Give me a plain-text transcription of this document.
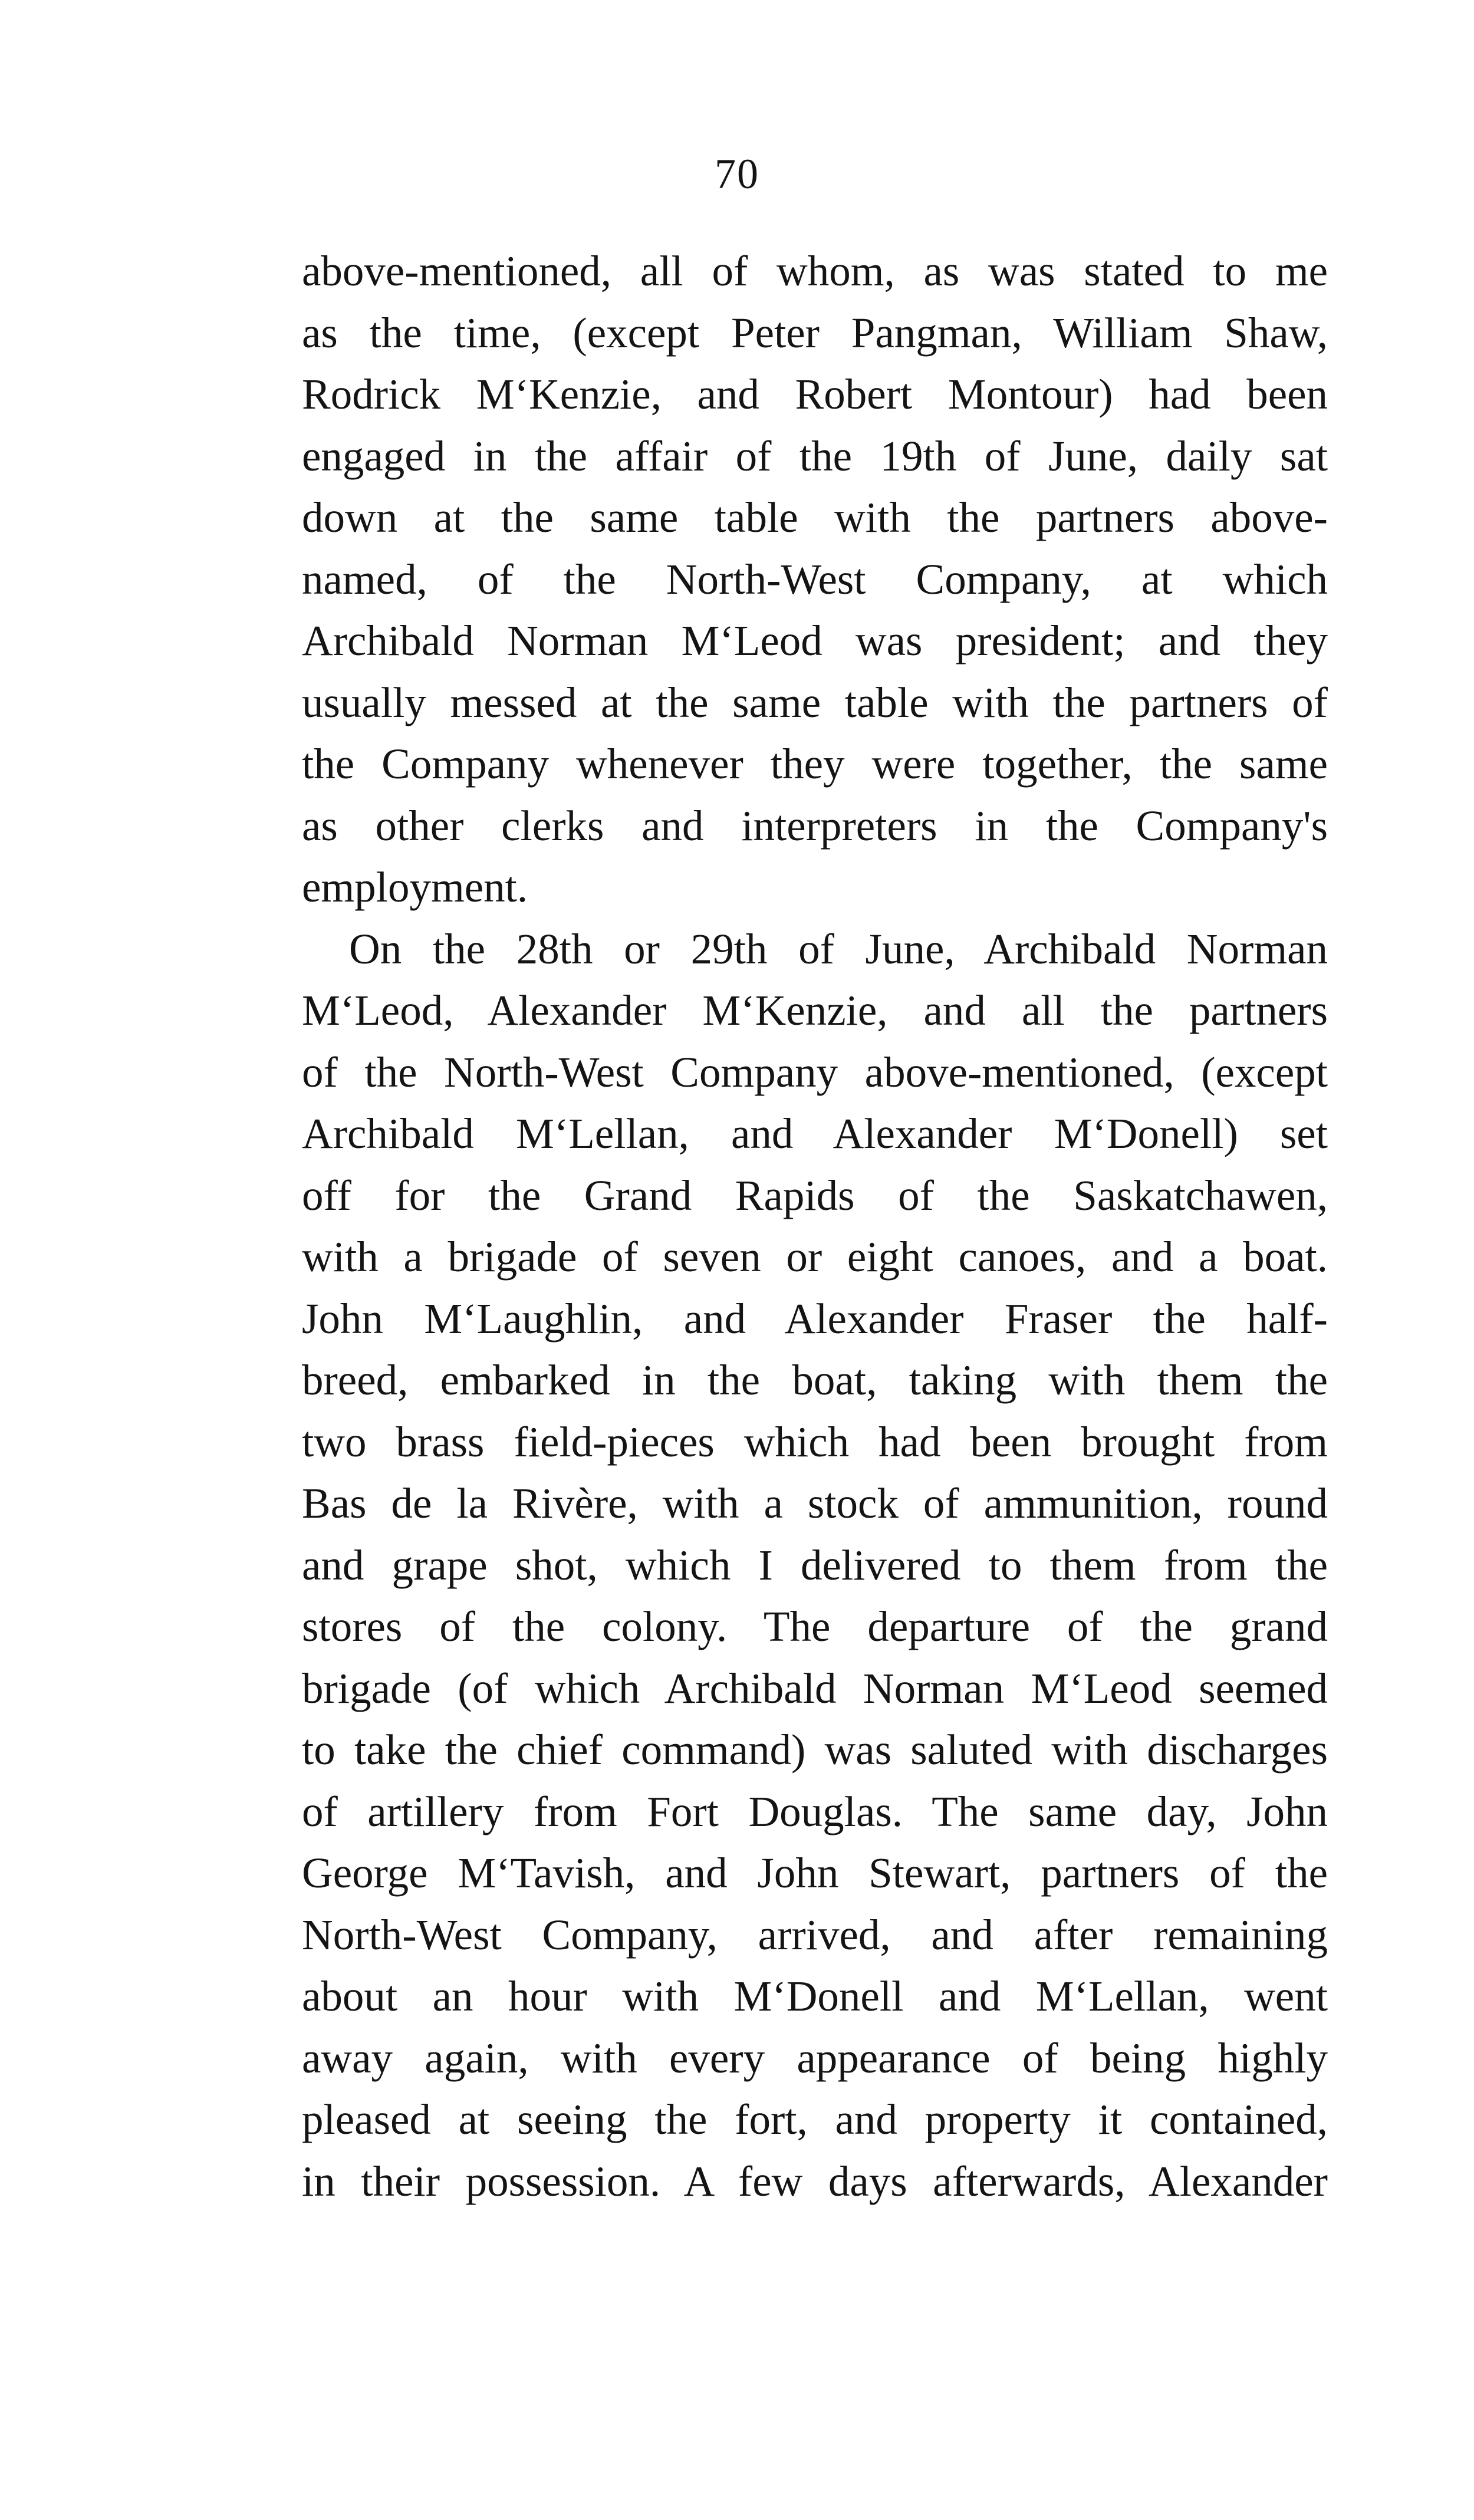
70
above-mentioned, all of whom, as was stated to me
as the time, (except Peter Pangman, William Shaw,
Rodrick M‘Kenzie, and Robert Montour) had been
engaged in the affair of the 19th of June, daily sat
down at the same table with the partners above-
named, of the North-West Company, at which
Archibald Norman M‘Leod was president; and they
usually messed at the same table with the partners of
the Company whenever they were together, the same
as other clerks and interpreters in the Company's
employment.
On the 28th or 29th of June, Archibald Norman
M‘Leod, Alexander M‘Kenzie, and all the partners
of the North-West Company above-mentioned, (except
Archibald M‘Lellan, and Alexander M‘Donell) set
off for the Grand Rapids of the Saskatchawen,
with a brigade of seven or eight canoes, and a boat.
John M‘Laughlin, and Alexander Fraser the half-
breed, embarked in the boat, taking with them the
two brass field-pieces which had been brought from
Bas de la Rivère, with a stock of ammunition, round
and grape shot, which I delivered to them from the
stores of the colony. The departure of the grand
brigade (of which Archibald Norman M‘Leod seemed
to take the chief command) was saluted with discharges
of artillery from Fort Douglas. The same day, John
George M‘Tavish, and John Stewart, partners of the
North-West Company, arrived, and after remaining
about an hour with M‘Donell and M‘Lellan, went
away again, with every appearance of being highly
pleased at seeing the fort, and property it contained,
in their possession. A few days afterwards, Alexander
